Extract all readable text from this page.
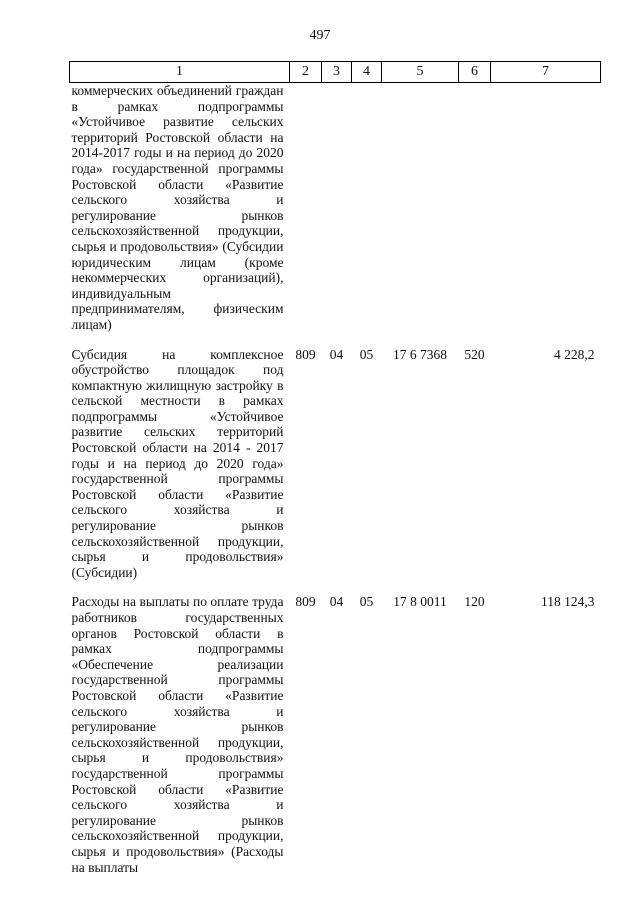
497
1	2	3	4	5	6	7
коммерческих объединений граждан в рамках подпрограммы «Устойчивое развитие сельских территорий Ростовской области на 2014-2017 годы и на период до 2020 года» государственной программы Ростовской области «Развитие сельского хозяйства и регулирование рынков сельскохозяйственной продукции, сырья и продовольствия» (Субсидии юридическим лицам (кроме некоммерческих организаций), индивидуальным предпринимателям, физическим лицам)						

Субсидия на комплексное обустройство площадок под компактную жилищную застройку в сельской местности в рамках подпрограммы «Устойчивое развитие сельских территорий Ростовской области на 2014 - 2017 годы и на период до 2020 года» государственной программы Ростовской области «Развитие сельского хозяйства и регулирование рынков сельскохозяйственной продукции, сырья и продовольствия» (Субсидии)	809	04	05	17 6 7368	520	4 228,2

Расходы на выплаты по оплате труда работников государственных органов Ростовской области в рамках подпрограммы «Обеспечение реализации государственной программы Ростовской области «Развитие сельского хозяйства и регулирование рынков сельскохозяйственной продукции, сырья и продовольствия» государственной программы Ростовской области «Развитие сельского хозяйства и регулирование рынков сельскохозяйственной продукции, сырья и продовольствия» (Расходы на выплаты	809	04	05	17 8 0011	120	118 124,3
